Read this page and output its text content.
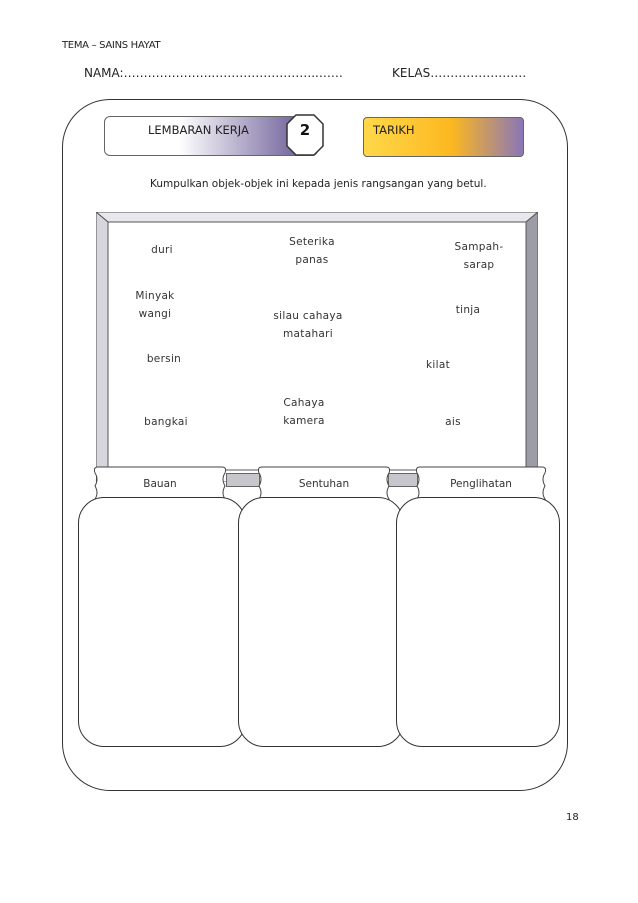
TEMA – SAINS HAYAT
NAMA:…………………..……………………..……	KELAS……………………
LEMBARAN KERJA	2	TARIKH
Kumpulkan objek-objek ini kepada jenis rangsangan yang betul.
duri
Seterika panas
Sampah-sarap
Minyak wangi	silau cahaya matahari
tinja
bersin	kilat
bangkai
Cahaya kamera	ais
Bauan	Sentuhan	Penglihatan
18
